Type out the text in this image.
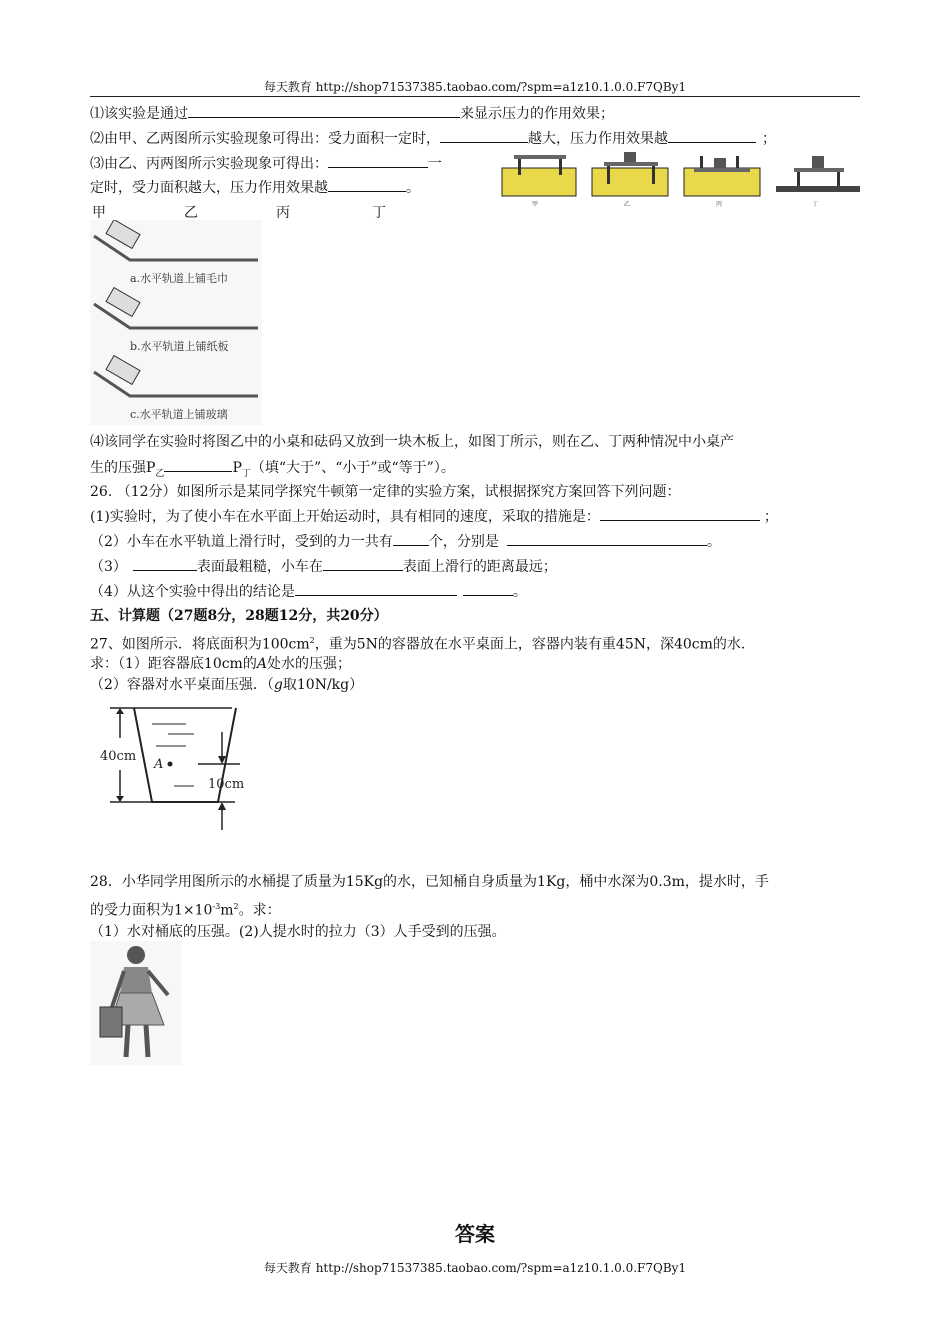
每天教育 http://shop71537385.taobao.com/?spm=a1z10.1.0.0.F7QBy1
⑴该实验是通过	来显示压力的作用效果；
⑵由甲、乙两图所示实验现象可得出：受力面积一定时，	越大，压力作用效果越	；
⑶由乙、丙两图所示实验现象可得出：	一
定时，受力面积越大，压力作用效果越	。
甲	乙	丙	丁
甲	乙	丙	丁
a.水平轨道上铺毛巾
b.水平轨道上铺纸板
c.水平轨道上铺玻璃
⑷该同学在实验时将图乙中的小桌和砝码又放到一块木板上，如图丁所示，则在乙、丁两种情况中小桌产
生的压强$P_乙$	$P_丁$（填“大于”、“小于”或“等于”）。
26. （12分）如图所示是某同学探究牛顿第一定律的实验方案，试根据探究方案回答下列问题：
(1)实验时，为了使小车在水平面上开始运动时，具有相同的速度，采取的措施是：	；
（2）小车在水平轨道上滑行时，受到的力一共有	个，分别是	。
（3）	表面最粗糙，小车在	表面上滑行的距离最远；
（4）从这个实验中得出的结论是	。
五、计算题（27题8分，28题12分，共20分）
27、如图所示．将底面积为$100cm^2$，重为5N的容器放在水平桌面上，容器内装有重45N，深40cm的水．
求：（1）距容器底10cm的A处水的压强；
（2）容器对水平桌面压强．（g取10N/kg）
40cm
A
10cm
28．小华同学用图所示的水桶提了质量为15Kg的水，已知桶自身质量为1Kg，桶中水深为0.3m，提水时，手
的受力面积为$1\times 10^{-3}m^2$。求：
（1）水对桶底的压强。(2)人提水时的拉力（3）人手受到的压强。
答案
每天教育 http://shop71537385.taobao.com/?spm=a1z10.1.0.0.F7QBy1
